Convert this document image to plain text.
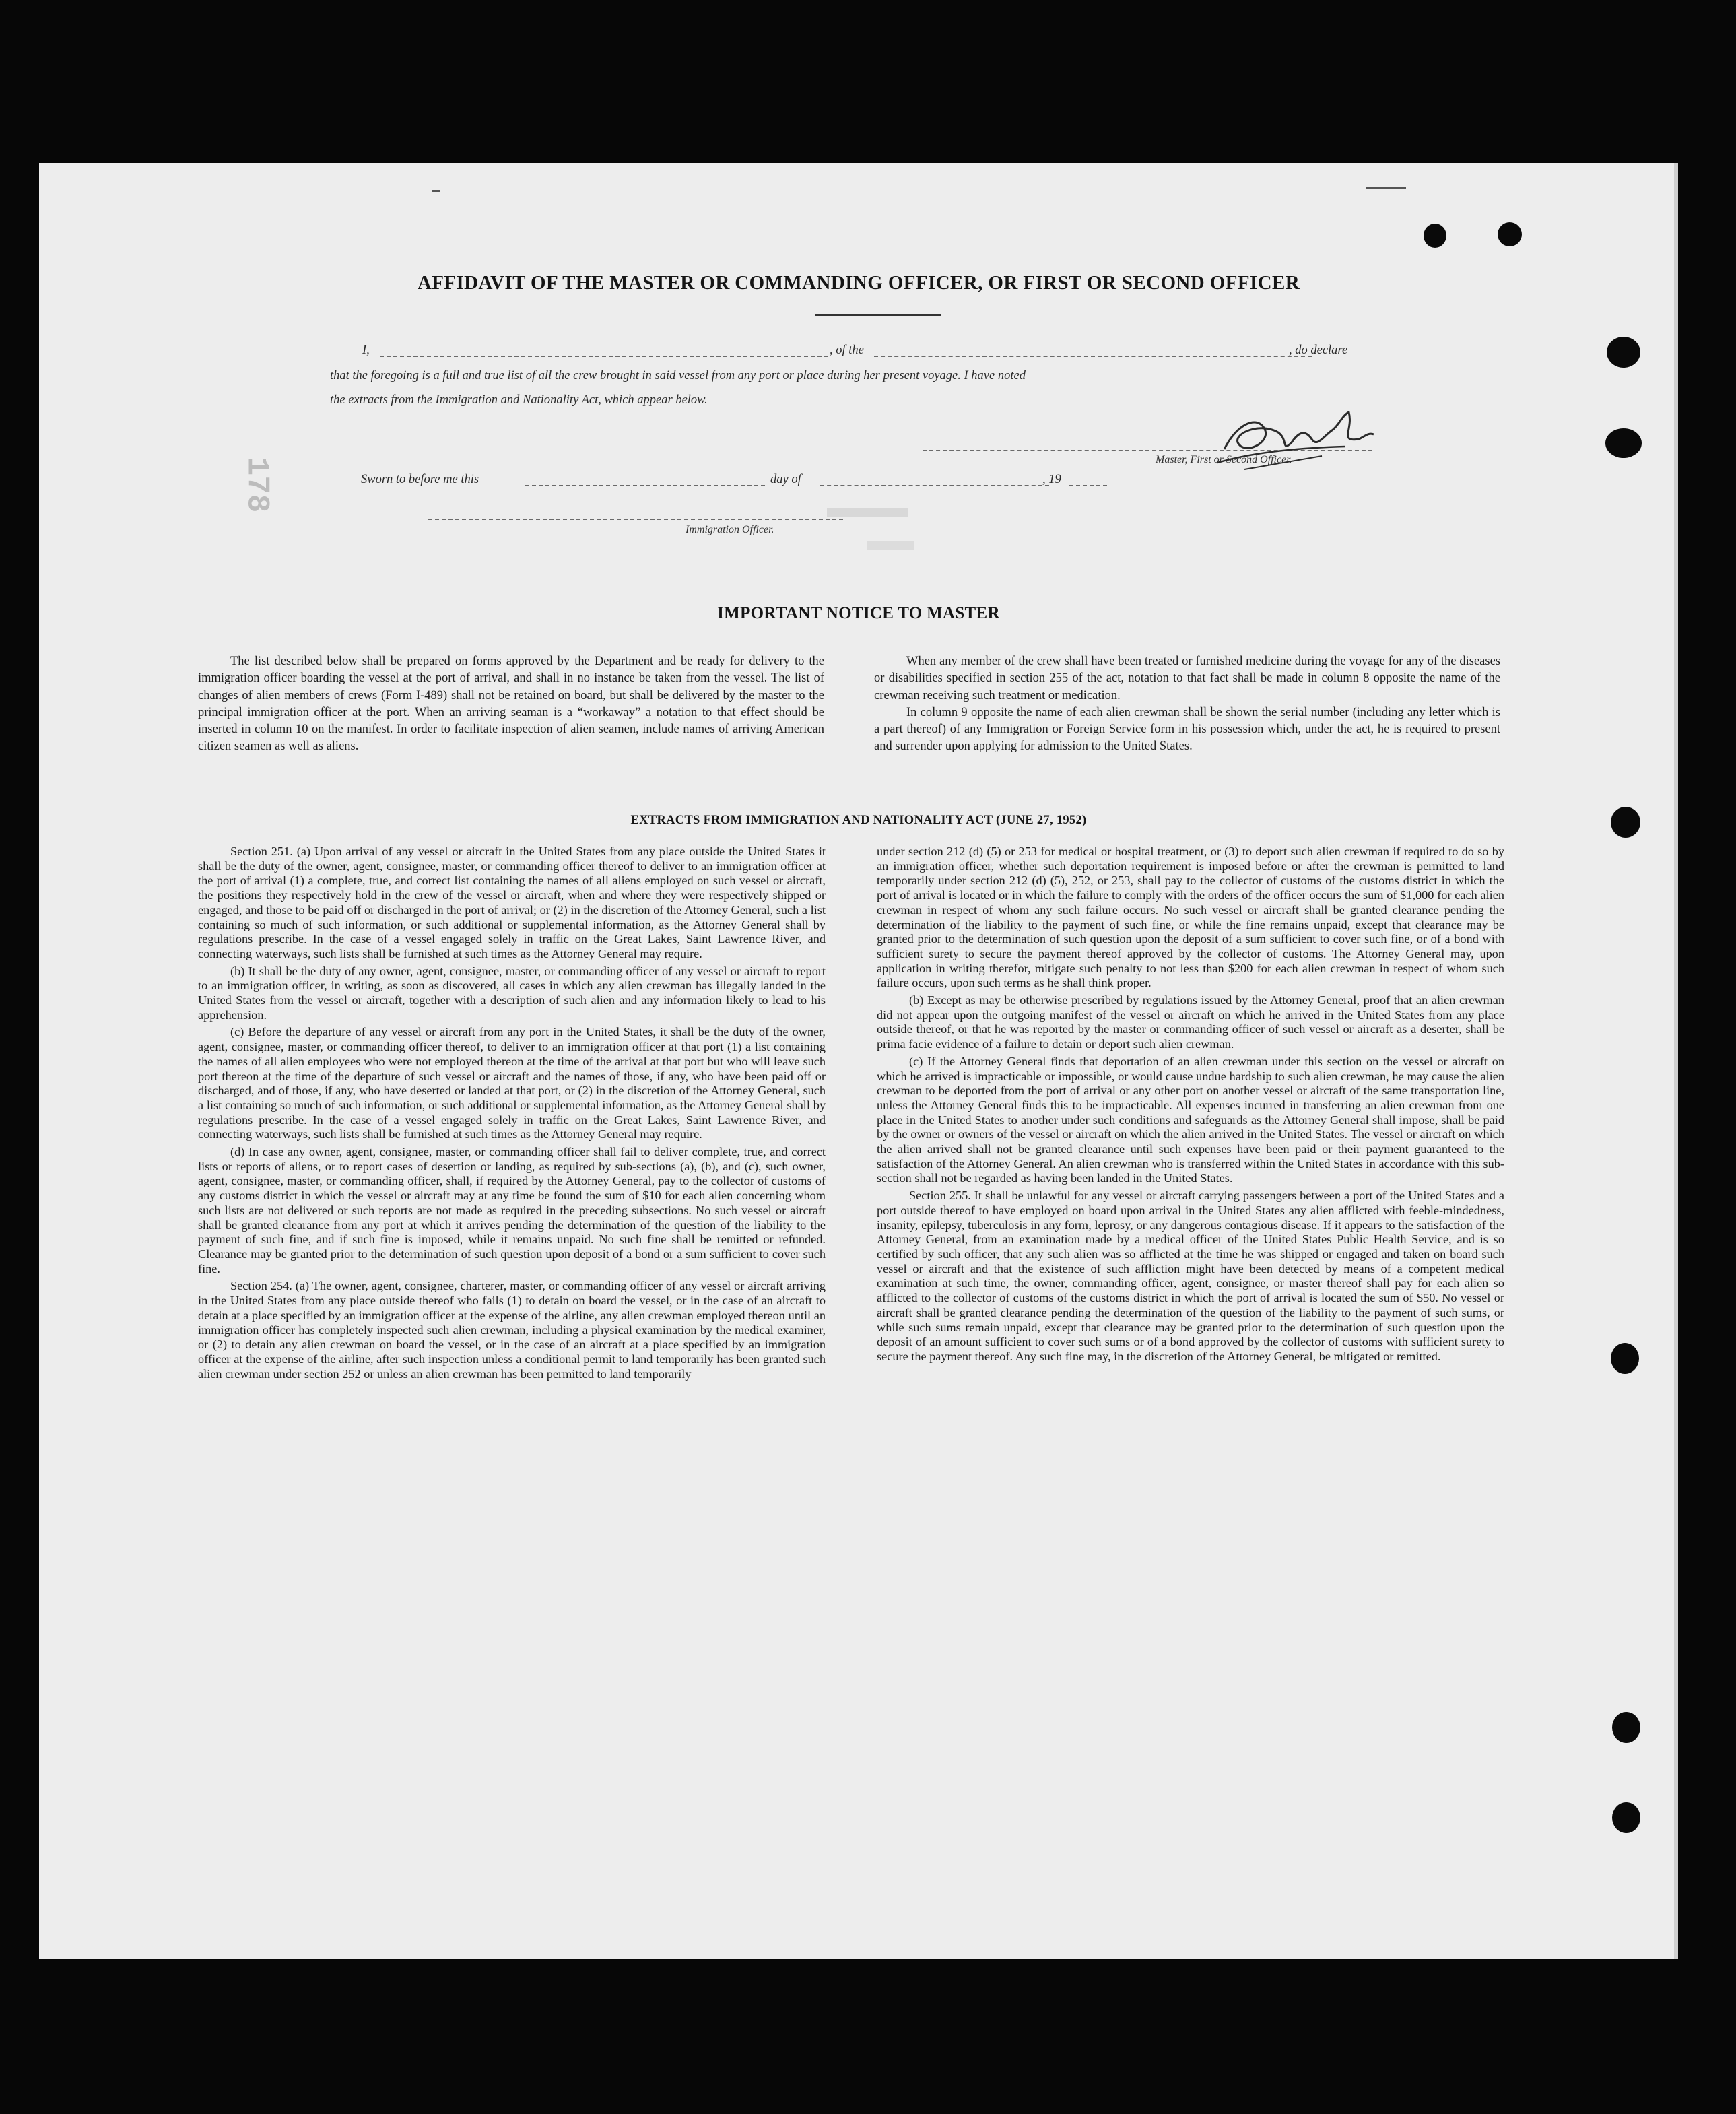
178
AFFIDAVIT OF THE MASTER OR COMMANDING OFFICER, OR FIRST OR SECOND OFFICER
I,	, of the	, do declare
that the foregoing is a full and true list of all the crew brought in said vessel from any port or place during her present voyage. I have noted
the extracts from the Immigration and Nationality Act, which appear below.
Master, First or Second Officer.
Sworn to before me this	day of	, 19
Immigration Officer.
IMPORTANT NOTICE TO MASTER

The list described below shall be prepared on forms approved by the Department and be ready for delivery to the immigration officer boarding the vessel at the port of arrival, and shall in no instance be taken from the vessel. The list of changes of alien members of crews (Form I-489) shall not be retained on board, but shall be delivered by the master to the principal immigration officer at the port. When an arriving seaman is a “workaway” a notation to that effect should be inserted in column 10 on the manifest. In order to facilitate inspection of alien seamen, include names of arriving American citizen seamen as well as aliens.

When any member of the crew shall have been treated or furnished medicine during the voyage for any of the diseases or disabilities specified in section 255 of the act, notation to that fact shall be made in column 8 opposite the name of the crewman receiving such treatment or medication.

In column 9 opposite the name of each alien crewman shall be shown the serial number (including any letter which is a part thereof) of any Immigration or Foreign Service form in his possession which, under the act, he is required to present and surrender upon applying for admission to the United States.

EXTRACTS FROM IMMIGRATION AND NATIONALITY ACT (JUNE 27, 1952)

Section 251. (a) Upon arrival of any vessel or aircraft in the United States from any place outside the United States it shall be the duty of the owner, agent, consignee, master, or commanding officer thereof to deliver to an immigration officer at the port of arrival (1) a complete, true, and correct list containing the names of all aliens employed on such vessel or aircraft, the positions they respectively hold in the crew of the vessel or aircraft, when and where they were respectively shipped or engaged, and those to be paid off or discharged in the port of arrival; or (2) in the discretion of the Attorney General, such a list containing so much of such information, or such additional or supplemental information, as the Attorney General shall by regulations prescribe. In the case of a vessel engaged solely in traffic on the Great Lakes, Saint Lawrence River, and connecting waterways, such lists shall be furnished at such times as the Attorney General may require.

(b) It shall be the duty of any owner, agent, consignee, master, or commanding officer of any vessel or aircraft to report to an immigration officer, in writing, as soon as discovered, all cases in which any alien crewman has illegally landed in the United States from the vessel or aircraft, together with a description of such alien and any information likely to lead to his apprehension.

(c) Before the departure of any vessel or aircraft from any port in the United States, it shall be the duty of the owner, agent, consignee, master, or commanding officer thereof, to deliver to an immigration officer at that port (1) a list containing the names of all alien employees who were not employed thereon at the time of the arrival at that port but who will leave such port thereon at the time of the departure of such vessel or aircraft and the names of those, if any, who have been paid off or discharged, and of those, if any, who have deserted or landed at that port, or (2) in the discretion of the Attorney General, such a list containing so much of such information, or such additional or supplemental information, as the Attorney General shall by regulations prescribe. In the case of a vessel engaged solely in traffic on the Great Lakes, Saint Lawrence River, and connecting waterways, such lists shall be furnished at such times as the Attorney General may require.

(d) In case any owner, agent, consignee, master, or commanding officer shall fail to deliver complete, true, and correct lists or reports of aliens, or to report cases of desertion or landing, as required by sub-sections (a), (b), and (c), such owner, agent, consignee, master, or commanding officer, shall, if required by the Attorney General, pay to the collector of customs of any customs district in which the vessel or aircraft may at any time be found the sum of $10 for each alien concerning whom such lists are not delivered or such reports are not made as required in the preceding subsections. No such vessel or aircraft shall be granted clearance from any port at which it arrives pending the determination of the question of the liability to the payment of such fine, and if such fine is imposed, while it remains unpaid. No such fine shall be remitted or refunded. Clearance may be granted prior to the determination of such question upon deposit of a bond or a sum sufficient to cover such fine.

Section 254. (a) The owner, agent, consignee, charterer, master, or commanding officer of any vessel or aircraft arriving in the United States from any place outside thereof who fails (1) to detain on board the vessel, or in the case of an aircraft to detain at a place specified by an immigration officer at the expense of the airline, any alien crewman employed thereon until an immigration officer has completely inspected such alien crewman, including a physical examination by the medical examiner, or (2) to detain any alien crewman on board the vessel, or in the case of an aircraft at a place specified by an immigration officer at the expense of the airline, after such inspection unless a conditional permit to land temporarily has been granted such alien crewman under section 252 or unless an alien crewman has been permitted to land temporarily

under section 212 (d) (5) or 253 for medical or hospital treatment, or (3) to deport such alien crewman if required to do so by an immigration officer, whether such deportation requirement is imposed before or after the crewman is permitted to land temporarily under section 212 (d) (5), 252, or 253, shall pay to the collector of customs of the customs district in which the port of arrival is located or in which the failure to comply with the orders of the officer occurs the sum of $1,000 for each alien crewman in respect of whom any such failure occurs. No such vessel or aircraft shall be granted clearance pending the determination of the liability to the payment of such fine, or while the fine remains unpaid, except that clearance may be granted prior to the determination of such question upon the deposit of a sum sufficient to cover such fine, or of a bond with sufficient surety to secure the payment thereof approved by the collector of customs. The Attorney General may, upon application in writing therefor, mitigate such penalty to not less than $200 for each alien crewman in respect of whom such failure occurs, upon such terms as he shall think proper.

(b) Except as may be otherwise prescribed by regulations issued by the Attorney General, proof that an alien crewman did not appear upon the outgoing manifest of the vessel or aircraft on which he arrived in the United States from any place outside thereof, or that he was reported by the master or commanding officer of such vessel or aircraft as a deserter, shall be prima facie evidence of a failure to detain or deport such alien crewman.

(c) If the Attorney General finds that deportation of an alien crewman under this section on the vessel or aircraft on which he arrived is impracticable or impossible, or would cause undue hardship to such alien crewman, he may cause the alien crewman to be deported from the port of arrival or any other port on another vessel or aircraft of the same transportation line, unless the Attorney General finds this to be impracticable. All expenses incurred in transferring an alien crewman from one place in the United States to another under such conditions and safeguards as the Attorney General shall impose, shall be paid by the owner or owners of the vessel or aircraft on which the alien arrived in the United States. The vessel or aircraft on which the alien arrived shall not be granted clearance until such expenses have been paid or their payment guaranteed to the satisfaction of the Attorney General. An alien crewman who is transferred within the United States in accordance with this sub-section shall not be regarded as having been landed in the United States.

Section 255. It shall be unlawful for any vessel or aircraft carrying passengers between a port of the United States and a port outside thereof to have employed on board upon arrival in the United States any alien afflicted with feeble-mindedness, insanity, epilepsy, tuberculosis in any form, leprosy, or any dangerous contagious disease. If it appears to the satisfaction of the Attorney General, from an examination made by a medical officer of the United States Public Health Service, and is so certified by such officer, that any such alien was so afflicted at the time he was shipped or engaged and taken on board such vessel or aircraft and that the existence of such affliction might have been detected by means of a competent medical examination at such time, the owner, commanding officer, agent, consignee, or master thereof shall pay for each alien so afflicted to the collector of customs of the customs district in which the port of arrival is located the sum of $50. No vessel or aircraft shall be granted clearance pending the determination of the question of the liability to the payment of such sums, or while such sums remain unpaid, except that clearance may be granted prior to the determination of such question upon the deposit of an amount sufficient to cover such sums or of a bond approved by the collector of customs with sufficient surety to secure the payment thereof. Any such fine may, in the discretion of the Attorney General, be mitigated or remitted.
